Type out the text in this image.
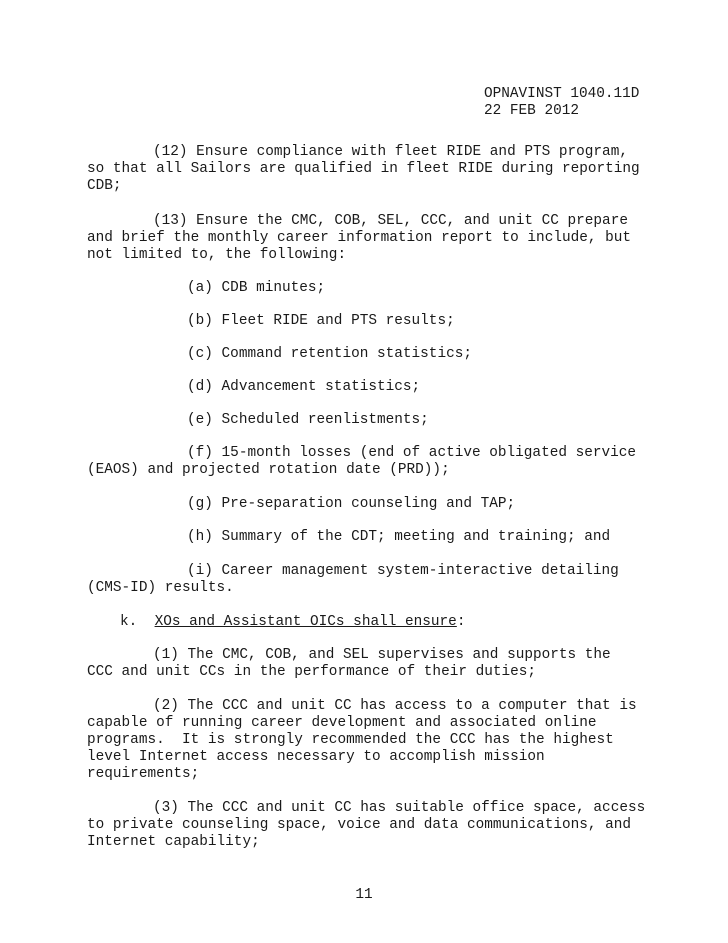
OPNAVINST 1040.11D
22 FEB 2012
(12) Ensure compliance with fleet RIDE and PTS program,
so that all Sailors are qualified in fleet RIDE during reporting
CDB;
(13) Ensure the CMC, COB, SEL, CCC, and unit CC prepare
and brief the monthly career information report to include, but
not limited to, the following:
(a) CDB minutes;
(b) Fleet RIDE and PTS results;
(c) Command retention statistics;
(d) Advancement statistics;
(e) Scheduled reenlistments;
(f) 15-month losses (end of active obligated service
(EAOS) and projected rotation date (PRD));
(g) Pre-separation counseling and TAP;
(h) Summary of the CDT; meeting and training; and
(i) Career management system-interactive detailing
(CMS-ID) results.
k. XOs and Assistant OICs shall ensure:
(1) The CMC, COB, and SEL supervises and supports the
CCC and unit CCs in the performance of their duties;
(2) The CCC and unit CC has access to a computer that is
capable of running career development and associated online
programs.  It is strongly recommended the CCC has the highest
level Internet access necessary to accomplish mission
requirements;
(3) The CCC and unit CC has suitable office space, access
to private counseling space, voice and data communications, and
Internet capability;
11
